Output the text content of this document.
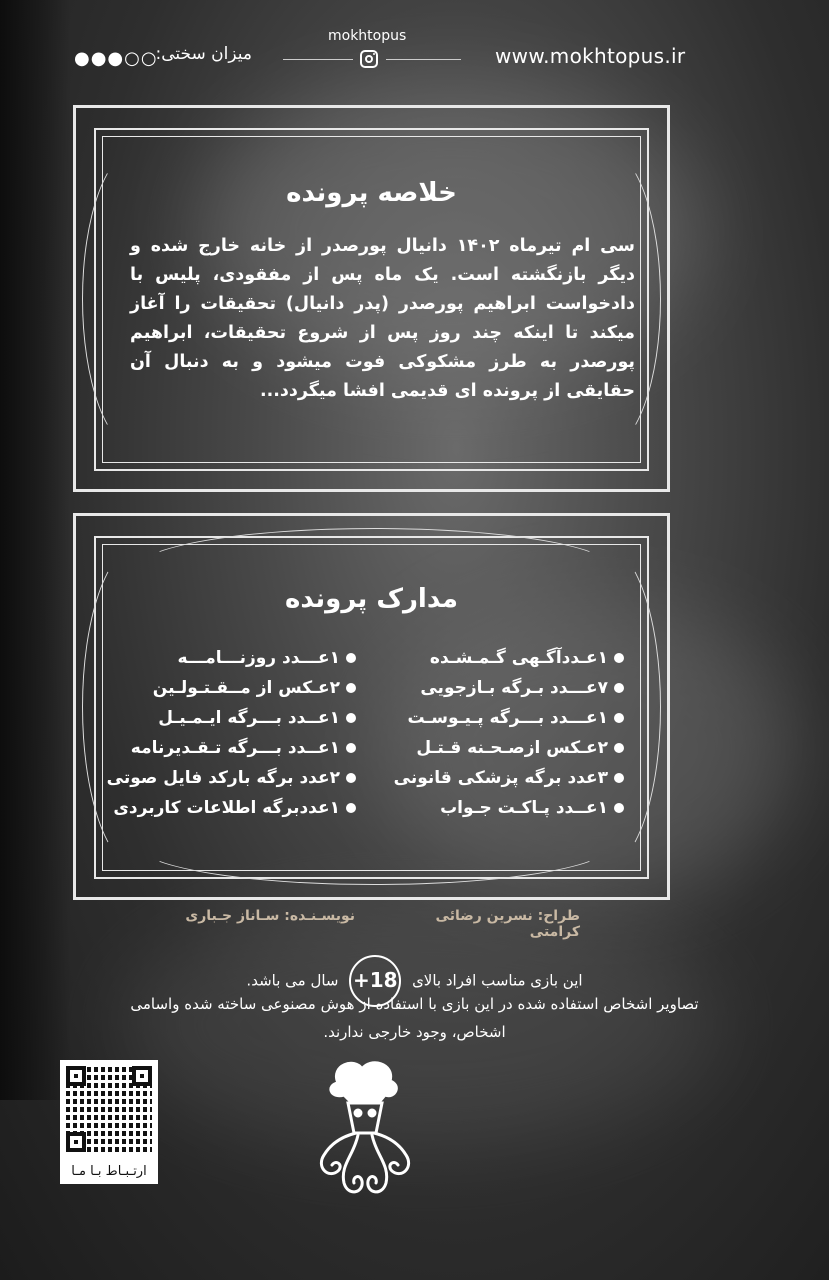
mokhtopus
www.mokhtopus.ir
میزان سختی:
●●●○○
خلاصه پرونده
سی ام تیرماه ۱۴۰۲ دانیال پورصدر از خانه خارج شده و دیگر بازنگشته است. یک ماه پس از مفقودی، پلیس با دادخواست ابراهیم پورصدر (پدر دانیال) تحقیقات را آغاز میکند تا اینکه چند روز پس از شروع تحقیقات، ابراهیم پورصدر به طرز مشکوکی فوت میشود و به دنبال آن حقایقی از پرونده ای قدیمی افشا میگردد...
مدارک پرونده
۱عـددآگـهی گـمـشـده
۷عـــدد بـرگه بـازجویی
۱عـــدد بـــرگه پـیـوسـت
۲عـکس ازصـحـنه قـتـل
۳عدد برگه پزشکی قانونی
۱عــدد پـاکـت جـواب
۱عـــدد روزنـــامـــه
۲عـکس از مــقـتـولـین
۱عــدد بـــرگه ایـمـیـل
۱عــدد بـــرگه تـقـدیرنامه
۲عدد برگه بارکد فایل صوتی
۱عددبرگه اطلاعات کاربردی
طراح: نسرین رضائی کرامتی
نویسـنـده: سـاناز جـباری
این بازی مناسب افراد بالای 18+ سال می باشد.
تصاویر اشخاص استفاده شده در این بازی با استفاده از هوش مصنوعی ساخته شده واسامی
اشخاص، وجود خارجی ندارند.
ارتـبـاط بـا مـا
